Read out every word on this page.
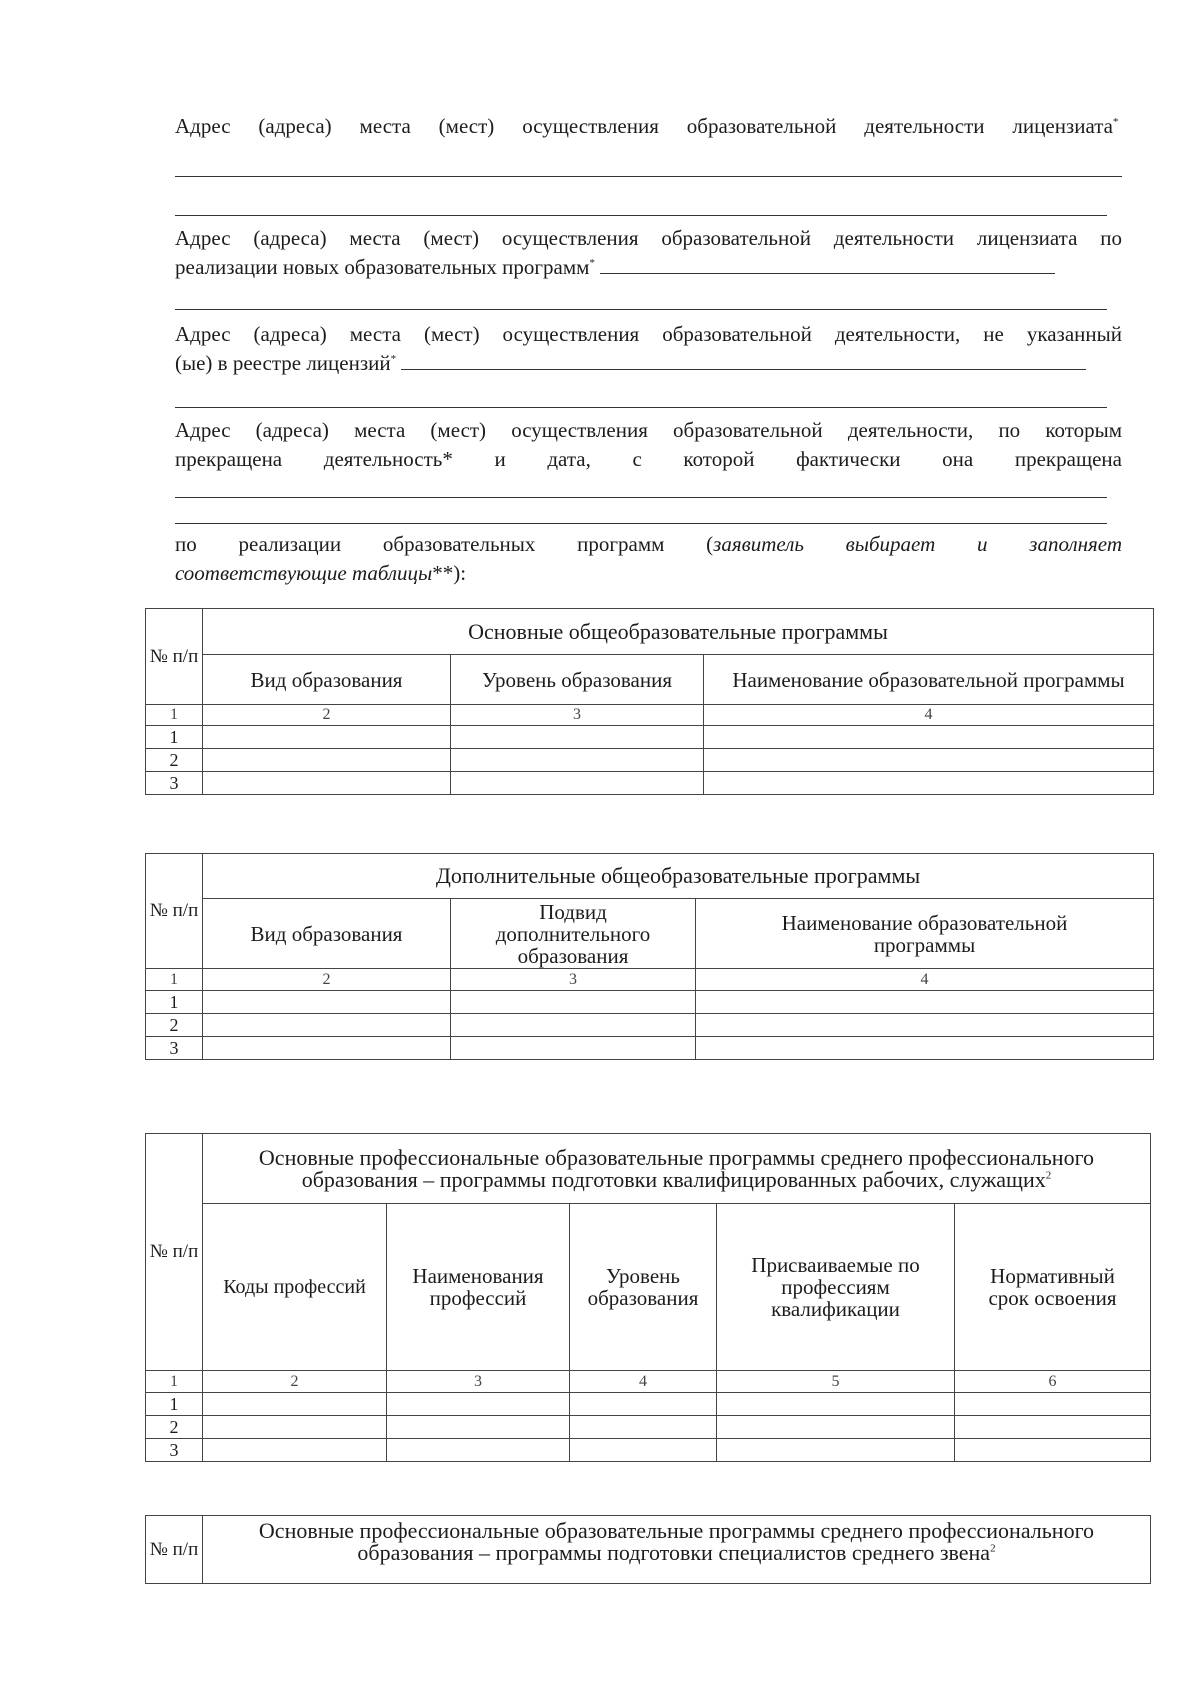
Адрес (адреса) места (мест) осуществления образовательной деятельности лицензиата*
Адрес (адреса) места (мест) осуществления образовательной деятельности лицензиата по
реализации новых образовательных программ*
Адрес (адреса) места (мест) осуществления образовательной деятельности, не указанный
(ые) в реестре лицензий*
Адрес (адреса) места (мест) осуществления образовательной деятельности, по которым
прекращена деятельность* и дата, с которой фактически она прекращена
по реализации образовательных программ (заявитель выбирает и заполняет
соответствующие таблицы**):
№ п/п	Основные общеобразовательные программы		
	Вид образования	Уровень образования	Наименование образовательной программы
1	2	3	4
1			
2			
3			
№ п/п	Дополнительные общеобразовательные программы		
	Вид образования	Подвид дополнительного образования	Наименование образовательной программы
1	2	3	4
1			
2			
3			
№ п/п	Основные профессиональные образовательные программы среднего профессионального образования – программы подготовки квалифицированных рабочих, служащих$^2$
	Коды профессий	Наименования профессий	Уровень образования	Присваиваемые по профессиям квалификации	Нормативный срок освоения
1	2	3	4	5	6
1					
2					
3					
№ п/п	Основные профессиональные образовательные программы среднего профессионального образования – программы подготовки специалистов среднего звена$^2$
